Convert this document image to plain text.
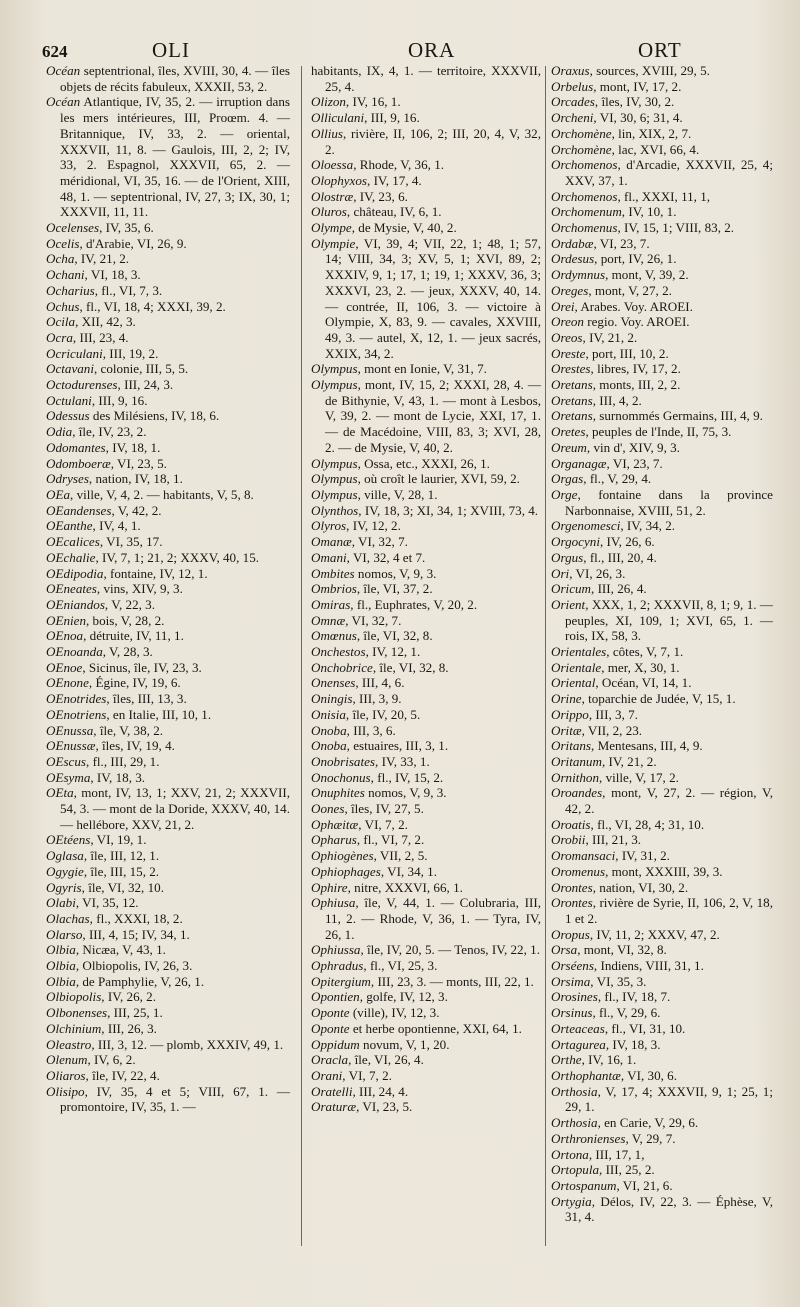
624	OLI	ORA	ORT

Océan septentrional, îles, XVIII, 30, 4. — îles objets de récits fabuleux, XXXII, 53, 2.

Océan Atlantique, IV, 35, 2. — irruption dans les mers intérieures, III, Proœm. 4. — Britannique, IV, 33, 2. — oriental, XXXVII, 11, 8. — Gaulois, III, 2, 2; IV, 33, 2. Espagnol, XXXVII, 65, 2. — méridional, VI, 35, 16. — de l'Orient, XIII, 48, 1. — septentrional, IV, 27, 3; IX, 30, 1; XXXVII, 11, 11.

Ocelenses, IV, 35, 6.

Ocelis, d'Arabie, VI, 26, 9.

Ocha, IV, 21, 2.

Ochani, VI, 18, 3.

Ocharius, fl., VI, 7, 3.

Ochus, fl., VI, 18, 4; XXXI, 39, 2.

Ocila, XII, 42, 3.

Ocra, III, 23, 4.

Ocriculani, III, 19, 2.

Octavani, colonie, III, 5, 5.

Octodurenses, III, 24, 3.

Octulani, III, 9, 16.

Odessus des Milésiens, IV, 18, 6.

Odia, île, IV, 23, 2.

Odomantes, IV, 18, 1.

Odomboeræ, VI, 23, 5.

Odryses, nation, IV, 18, 1.

OEa, ville, V, 4, 2. — habitants, V, 5, 8.

OEandenses, V, 42, 2.

OEanthe, IV, 4, 1.

OEcalices, VI, 35, 17.

OEchalie, IV, 7, 1; 21, 2; XXXV, 40, 15.

OEdipodia, fontaine, IV, 12, 1.

OEneates, vins, XIV, 9, 3.

OEniandos, V, 22, 3.

OEnien, bois, V, 28, 2.

OEnoa, détruite, IV, 11, 1.

OEnoanda, V, 28, 3.

OEnoe, Sicinus, île, IV, 23, 3.

OEnone, Égine, IV, 19, 6.

OEnotrides, îles, III, 13, 3.

OEnotriens, en Italie, III, 10, 1.

OEnussa, île, V, 38, 2.

OEnussæ, îles, IV, 19, 4.

OEscus, fl., III, 29, 1.

OEsyma, IV, 18, 3.

OEta, mont, IV, 13, 1; XXV, 21, 2; XXXVII, 54, 3. — mont de la Doride, XXXV, 40, 14. — hellébore, XXV, 21, 2.

OEtéens, VI, 19, 1.

Oglasa, île, III, 12, 1.

Ogygie, île, III, 15, 2.

Ogyris, île, VI, 32, 10.

Olabi, VI, 35, 12.

Olachas, fl., XXXI, 18, 2.

Olarso, III, 4, 15; IV, 34, 1.

Olbia, Nicæa, V, 43, 1.

Olbia, Olbiopolis, IV, 26, 3.

Olbia, de Pamphylie, V, 26, 1.

Olbiopolis, IV, 26, 2.

Olbonenses, III, 25, 1.

Olchinium, III, 26, 3.

Oleastro, III, 3, 12. — plomb, XXXIV, 49, 1.

Olenum, IV, 6, 2.

Oliaros, île, IV, 22, 4.

Olisipo, IV, 35, 4 et 5; VIII, 67, 1. — promontoire, IV, 35, 1. —

habitants, IX, 4, 1. — territoire, XXXVII, 25, 4.

Olizon, IV, 16, 1.

Olliculani, III, 9, 16.

Ollius, rivière, II, 106, 2; III, 20, 4, V, 32, 2.

Oloessa, Rhode, V, 36, 1.

Olophyxos, IV, 17, 4.

Olostræ, IV, 23, 6.

Oluros, château, IV, 6, 1.

Olympe, de Mysie, V, 40, 2.

Olympie, VI, 39, 4; VII, 22, 1; 48, 1; 57, 14; VIII, 34, 3; XV, 5, 1; XVI, 89, 2; XXXIV, 9, 1; 17, 1; 19, 1; XXXV, 36, 3; XXXVI, 23, 2. — jeux, XXXV, 40, 14. — contrée, II, 106, 3. — victoire à Olympie, X, 83, 9. — cavales, XXVIII, 49, 3. — autel, X, 12, 1. — jeux sacrés, XXIX, 34, 2.

Olympus, mont en Ionie, V, 31, 7.

Olympus, mont, IV, 15, 2; XXXI, 28, 4. — de Bithynie, V, 43, 1. — mont à Lesbos, V, 39, 2. — mont de Lycie, XXI, 17, 1. — de Macédoine, VIII, 83, 3; XVI, 28, 2. — de Mysie, V, 40, 2.

Olympus, Ossa, etc., XXXI, 26, 1.

Olympus, où croît le laurier, XVI, 59, 2.

Olympus, ville, V, 28, 1.

Olynthos, IV, 18, 3; XI, 34, 1; XVIII, 73, 4.

Olyros, IV, 12, 2.

Omanæ, VI, 32, 7.

Omani, VI, 32, 4 et 7.

Ombites nomos, V, 9, 3.

Ombrios, île, VI, 37, 2.

Omiras, fl., Euphrates, V, 20, 2.

Omnæ, VI, 32, 7.

Omœnus, île, VI, 32, 8.

Onchestos, IV, 12, 1.

Onchobrice, île, VI, 32, 8.

Onenses, III, 4, 6.

Oningis, III, 3, 9.

Onisia, île, IV, 20, 5.

Onoba, III, 3, 6.

Onoba, estuaires, III, 3, 1.

Onobrisates, IV, 33, 1.

Onochonus, fl., IV, 15, 2.

Onuphites nomos, V, 9, 3.

Oones, îles, IV, 27, 5.

Ophæitæ, VI, 7, 2.

Opharus, fl., VI, 7, 2.

Ophiogènes, VII, 2, 5.

Ophiophages, VI, 34, 1.

Ophire, nitre, XXXVI, 66, 1.

Ophiusa, île, V, 44, 1. — Colubraria, III, 11, 2. — Rhode, V, 36, 1. — Tyra, IV, 26, 1.

Ophiussa, île, IV, 20, 5. — Tenos, IV, 22, 1.

Ophradus, fl., VI, 25, 3.

Opitergium, III, 23, 3. — monts, III, 22, 1.

Opontien, golfe, IV, 12, 3.

Oponte (ville), IV, 12, 3.

Oponte et herbe opontienne, XXI, 64, 1.

Oppidum novum, V, 1, 20.

Oracla, île, VI, 26, 4.

Orani, VI, 7, 2.

Oratelli, III, 24, 4.

Oraturæ, VI, 23, 5.

Oraxus, sources, XVIII, 29, 5.

Orbelus, mont, IV, 17, 2.

Orcades, îles, IV, 30, 2.

Orcheni, VI, 30, 6; 31, 4.

Orchomène, lin, XIX, 2, 7.

Orchomène, lac, XVI, 66, 4.

Orchomenos, d'Arcadie, XXXVII, 25, 4; XXV, 37, 1.

Orchomenos, fl., XXXI, 11, 1,

Orchomenum, IV, 10, 1.

Orchomenus, IV, 15, 1; VIII, 83, 2.

Ordabæ, VI, 23, 7.

Ordesus, port, IV, 26, 1.

Ordymnus, mont, V, 39, 2.

Oreges, mont, V, 27, 2.

Orei, Arabes. Voy. AROEI.

Oreon regio. Voy. AROEI.

Oreos, IV, 21, 2.

Oreste, port, III, 10, 2.

Orestes, libres, IV, 17, 2.

Oretans, monts, III, 2, 2.

Oretans, III, 4, 2.

Oretans, surnommés Germains, III, 4, 9.

Oretes, peuples de l'Inde, II, 75, 3.

Oreum, vin d', XIV, 9, 3.

Organagæ, VI, 23, 7.

Orgas, fl., V, 29, 4.

Orge, fontaine dans la province Narbonnaise, XVIII, 51, 2.

Orgenomesci, IV, 34, 2.

Orgocyni, IV, 26, 6.

Orgus, fl., III, 20, 4.

Ori, VI, 26, 3.

Oricum, III, 26, 4.

Orient, XXX, 1, 2; XXXVII, 8, 1; 9, 1. — peuples, XI, 109, 1; XVI, 65, 1. — rois, IX, 58, 3.

Orientales, côtes, V, 7, 1.

Orientale, mer, X, 30, 1.

Oriental, Océan, VI, 14, 1.

Orine, toparchie de Judée, V, 15, 1.

Orippo, III, 3, 7.

Oritæ, VII, 2, 23.

Oritans, Mentesans, III, 4, 9.

Oritanum, IV, 21, 2.

Ornithon, ville, V, 17, 2.

Oroandes, mont, V, 27, 2. — région, V, 42, 2.

Oroatis, fl., VI, 28, 4; 31, 10.

Orobii, III, 21, 3.

Oromansaci, IV, 31, 2.

Oromenus, mont, XXXIII, 39, 3.

Orontes, nation, VI, 30, 2.

Orontes, rivière de Syrie, II, 106, 2, V, 18, 1 et 2.

Oropus, IV, 11, 2; XXXV, 47, 2.

Orsa, mont, VI, 32, 8.

Orséens, Indiens, VIII, 31, 1.

Orsima, VI, 35, 3.

Orosines, fl., IV, 18, 7.

Orsinus, fl., V, 29, 6.

Orteaceas, fl., VI, 31, 10.

Ortagurea, IV, 18, 3.

Orthe, IV, 16, 1.

Orthophantæ, VI, 30, 6.

Orthosia, V, 17, 4; XXXVII, 9, 1; 25, 1; 29, 1.

Orthosia, en Carie, V, 29, 6.

Orthronienses, V, 29, 7.

Ortona, III, 17, 1,

Ortopula, III, 25, 2.

Ortospanum, VI, 21, 6.

Ortygia, Délos, IV, 22, 3. — Éphèse, V, 31, 4.
